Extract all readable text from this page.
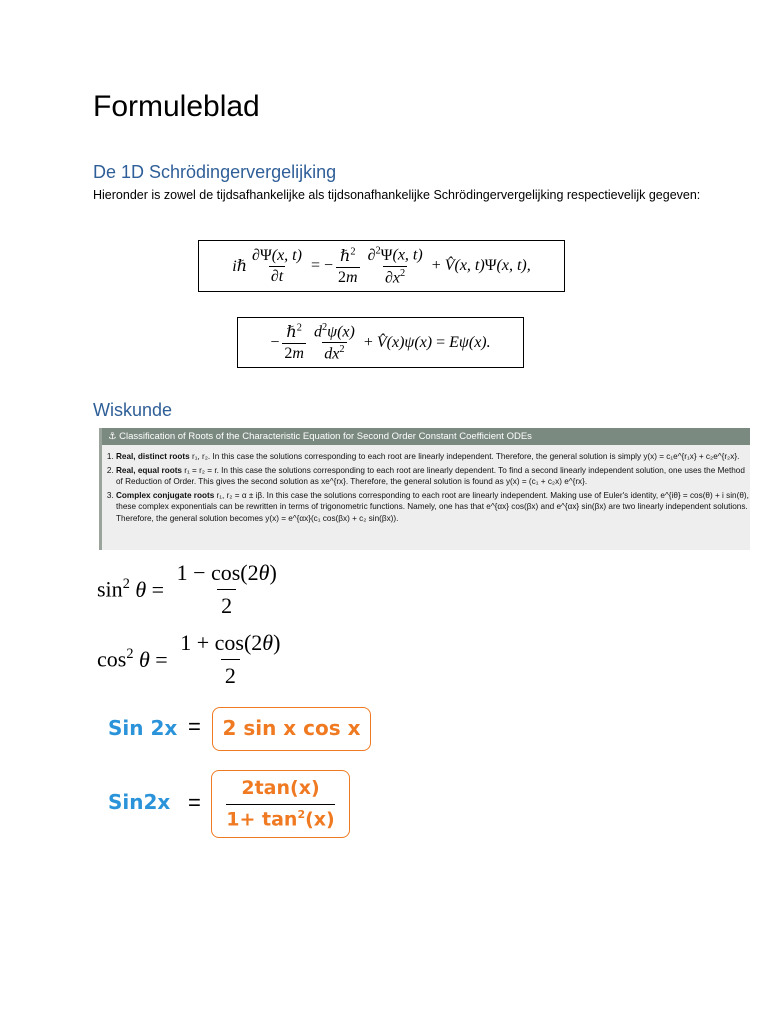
Formuleblad
De 1D Schrödingervergelijking
Hieronder is zowel de tijdsafhankelijke als tijdsonafhankelijke Schrödingervergelijking respectievelijk gegeven:
iℏ $\frac{\partial\Psi(x, t)}{\partial t}$ = − $\frac{\hbar^2}{2m} \frac{\partial^2\Psi(x, t)}{\partial x^2}$ + V̂(x, t)Ψ(x, t),
− $\frac{\hbar^2}{2m} \frac{d^2\psi(x)}{dx^2}$ + V̂(x)ψ(x) = Eψ(x).
Wiskunde
⚓ Classification of Roots of the Characteristic Equation for Second Order Constant Coefficient ODEs
1. Real, distinct roots r₁, r₂. In this case the solutions corresponding to each root are linearly independent. Therefore, the general solution is simply y(x) = c₁e^{r₁x} + c₂e^{r₂x}.
2. Real, equal roots r₁ = r₂ = r. In this case the solutions corresponding to each root are linearly dependent. To find a second linearly independent solution, one uses the Method of Reduction of Order. This gives the second solution as xe^{rx}. Therefore, the general solution is found as y(x) = (c₁ + c₂x) e^{rx}.
3. Complex conjugate roots r₁, r₂ = α ± iβ. In this case the solutions corresponding to each root are linearly independent. Making use of Euler's identity, e^{iθ} = cos(θ) + i sin(θ), these complex exponentials can be rewritten in terms of trigonometric functions. Namely, one has that e^{αx} cos(βx) and e^{αx} sin(βx) are two linearly independent solutions. Therefore, the general solution becomes y(x) = e^{αx}(c₁ cos(βx) + c₂ sin(βx)).
$\sin^2 \theta = \frac{1 - \cos(2\theta)}{2}$
$\cos^2 \theta = \frac{1 + \cos(2\theta)}{2}$
Sin 2x =	2 sin x cos x
Sin2x =
2tan(x)
$1+ \tan^2(x)$
